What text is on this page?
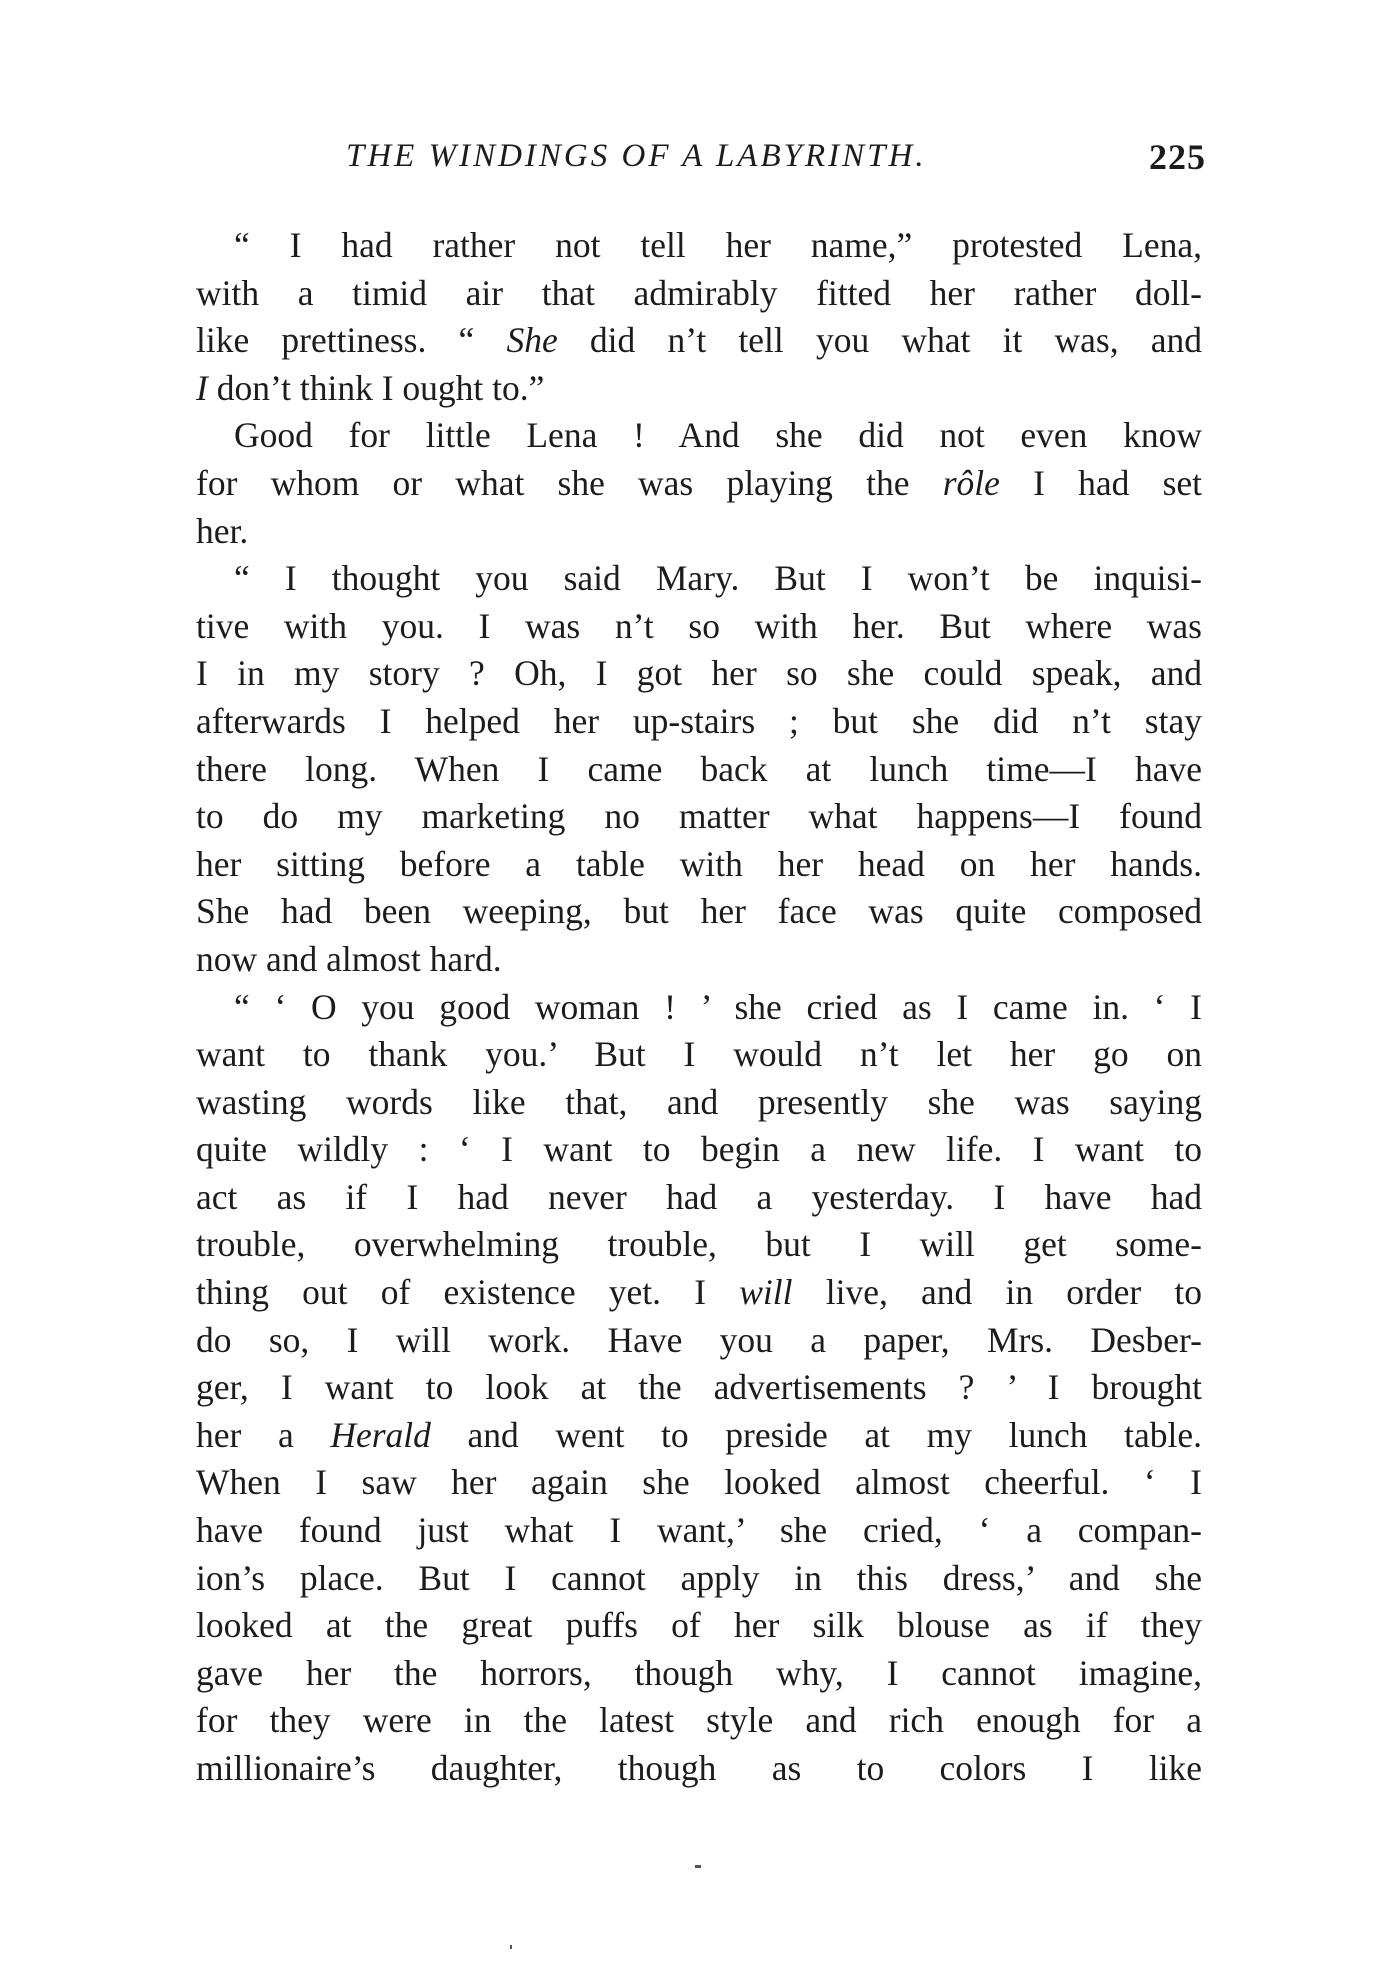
THE WINDINGS OF A LABYRINTH.	225
“ I had rather not tell her name,” protested Lena,
with a timid air that admirably fitted her rather doll-
like prettiness. “ She did n’t tell you what it was, and
I don’t think I ought to.”
Good for little Lena ! And she did not even know
for whom or what she was playing the rôle I had set
her.
“ I thought you said Mary. But I won’t be inquisi-
tive with you. I was n’t so with her. But where was
I in my story ? Oh, I got her so she could speak, and
afterwards I helped her up-stairs ; but she did n’t stay
there long. When I came back at lunch time—I have
to do my marketing no matter what happens—I found
her sitting before a table with her head on her hands.
She had been weeping, but her face was quite composed
now and almost hard.
“ ‘ O you good woman ! ’ she cried as I came in. ‘ I
want to thank you.’ But I would n’t let her go on
wasting words like that, and presently she was saying
quite wildly : ‘ I want to begin a new life. I want to
act as if I had never had a yesterday. I have had
trouble, overwhelming trouble, but I will get some-
thing out of existence yet. I will live, and in order to
do so, I will work. Have you a paper, Mrs. Desber-
ger, I want to look at the advertisements ? ’ I brought
her a Herald and went to preside at my lunch table.
When I saw her again she looked almost cheerful. ‘ I
have found just what I want,’ she cried, ‘ a compan-
ion’s place. But I cannot apply in this dress,’ and she
looked at the great puffs of her silk blouse as if they
gave her the horrors, though why, I cannot imagine,
for they were in the latest style and rich enough for a
millionaire’s daughter, though as to colors I like
